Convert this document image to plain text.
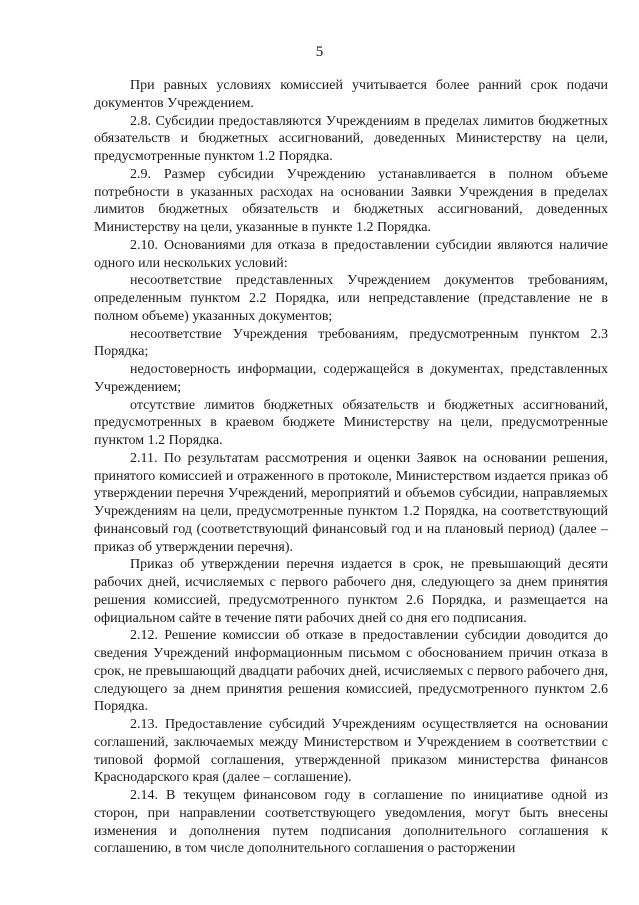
5

При равных условиях комиссией учитывается более ранний срок подачи документов Учреждением.

2.8. Субсидии предоставляются Учреждениям в пределах лимитов бюджетных обязательств и бюджетных ассигнований, доведенных Министерству на цели, предусмотренные пунктом 1.2 Порядка.

2.9. Размер субсидии Учреждению устанавливается в полном объеме потребности в указанных расходах на основании Заявки Учреждения в пределах лимитов бюджетных обязательств и бюджетных ассигнований, доведенных Министерству на цели, указанные в пункте 1.2 Порядка.

2.10. Основаниями для отказа в предоставлении субсидии являются наличие одного или нескольких условий:

несоответствие представленных Учреждением документов требованиям, определенным пунктом 2.2 Порядка, или непредставление (представление не в полном объеме) указанных документов;

несоответствие Учреждения требованиям, предусмотренным пунктом 2.3 Порядка;

недостоверность информации, содержащейся в документах, представленных Учреждением;

отсутствие лимитов бюджетных обязательств и бюджетных ассигнований, предусмотренных в краевом бюджете Министерству на цели, предусмотренные пунктом 1.2 Порядка.

2.11. По результатам рассмотрения и оценки Заявок на основании решения, принятого комиссией и отраженного в протоколе, Министерством издается приказ об утверждении перечня Учреждений, мероприятий и объемов субсидии, направляемых Учреждениям на цели, предусмотренные пунктом 1.2 Порядка, на соответствующий финансовый год (соответствующий финансовый год и на плановый период) (далее – приказ об утверждении перечня).

Приказ об утверждении перечня издается в срок, не превышающий десяти рабочих дней, исчисляемых с первого рабочего дня, следующего за днем принятия решения комиссией, предусмотренного пунктом 2.6 Порядка, и размещается на официальном сайте в течение пяти рабочих дней со дня его подписания.

2.12. Решение комиссии об отказе в предоставлении субсидии доводится до сведения Учреждений информационным письмом с обоснованием причин отказа в срок, не превышающий двадцати рабочих дней, исчисляемых с первого рабочего дня, следующего за днем принятия решения комиссией, предусмотренного пунктом 2.6 Порядка.

2.13. Предоставление субсидий Учреждениям осуществляется на основании соглашений, заключаемых между Министерством и Учреждением в соответствии с типовой формой соглашения, утвержденной приказом министерства финансов Краснодарского края (далее – соглашение).

2.14. В текущем финансовом году в соглашение по инициативе одной из сторон, при направлении соответствующего уведомления, могут быть внесены изменения и дополнения путем подписания дополнительного соглашения к соглашению, в том числе дополнительного соглашения о расторжении
